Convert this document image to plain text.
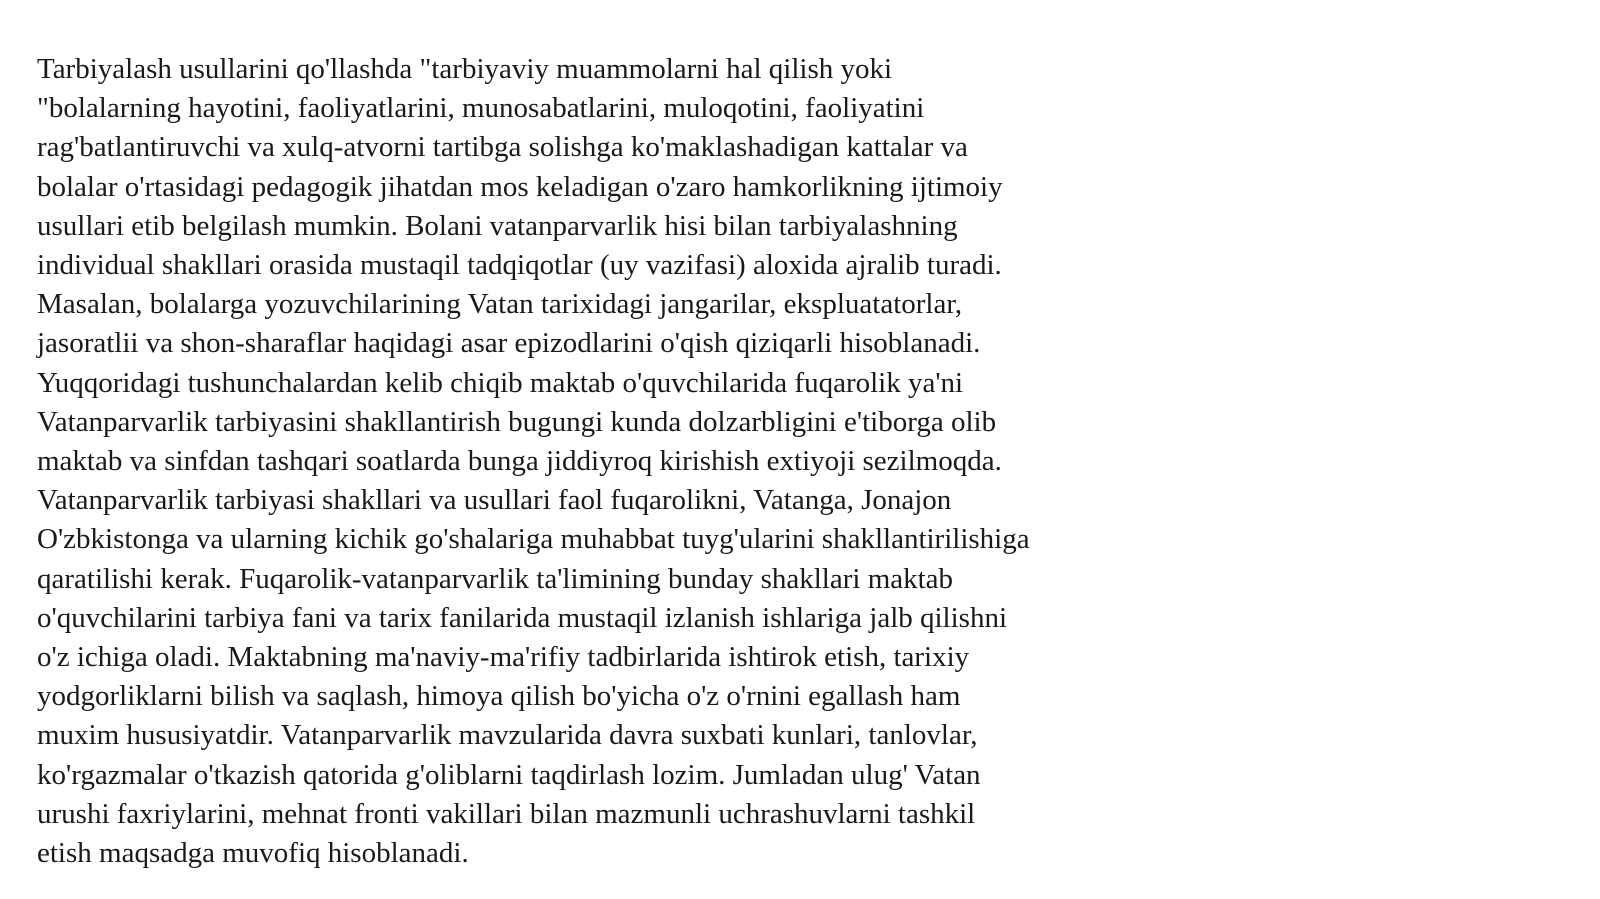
Tarbiyalash usullarini qo'llashda "tarbiyaviy muammolarni hal qilish yoki
"bolalarning hayotini, faoliyatlarini, munosabatlarini, muloqotini, faoliyatini
rag'batlantiruvchi va xulq-atvorni tartibga solishga ko'maklashadigan kattalar va
bolalar o'rtasidagi pedagogik jihatdan mos keladigan o'zaro hamkorlikning ijtimoiy
usullari etib belgilash mumkin. Bolani vatanparvarlik hisi bilan tarbiyalashning
individual shakllari orasida mustaqil tadqiqotlar (uy vazifasi) aloxida ajralib turadi.
Masalan, bolalarga yozuvchilarining Vatan tarixidagi jangarilar, ekspluatatorlar,
jasoratlii va shon-sharaflar haqidagi asar epizodlarini o'qish qiziqarli hisoblanadi.
Yuqqoridagi tushunchalardan kelib chiqib maktab o'quvchilarida fuqarolik ya'ni
Vatanparvarlik tarbiyasini shakllantirish bugungi kunda dolzarbligini e'tiborga olib
maktab va sinfdan tashqari soatlarda bunga jiddiyroq kirishish extiyoji sezilmoqda.
Vatanparvarlik tarbiyasi shakllari va usullari faol fuqarolikni, Vatanga, Jonajon
O'zbkistonga va ularning kichik go'shalariga muhabbat tuyg'ularini shakllantirilishiga
qaratilishi kerak. Fuqarolik-vatanparvarlik ta'limining bunday shakllari maktab
o'quvchilarini tarbiya fani va tarix fanilarida mustaqil izlanish ishlariga jalb qilishni
o'z ichiga oladi. Maktabning ma'naviy-ma'rifiy tadbirlarida ishtirok etish, tarixiy
yodgorliklarni bilish va saqlash, himoya qilish bo'yicha o'z o'rnini egallash ham
muxim hususiyatdir. Vatanparvarlik mavzularida davra suxbati kunlari, tanlovlar,
ko'rgazmalar o'tkazish qatorida g'oliblarni taqdirlash lozim. Jumladan ulug' Vatan
urushi faxriylarini, mehnat fronti vakillari bilan mazmunli uchrashuvlarni tashkil
etish maqsadga muvofiq hisoblanadi.
